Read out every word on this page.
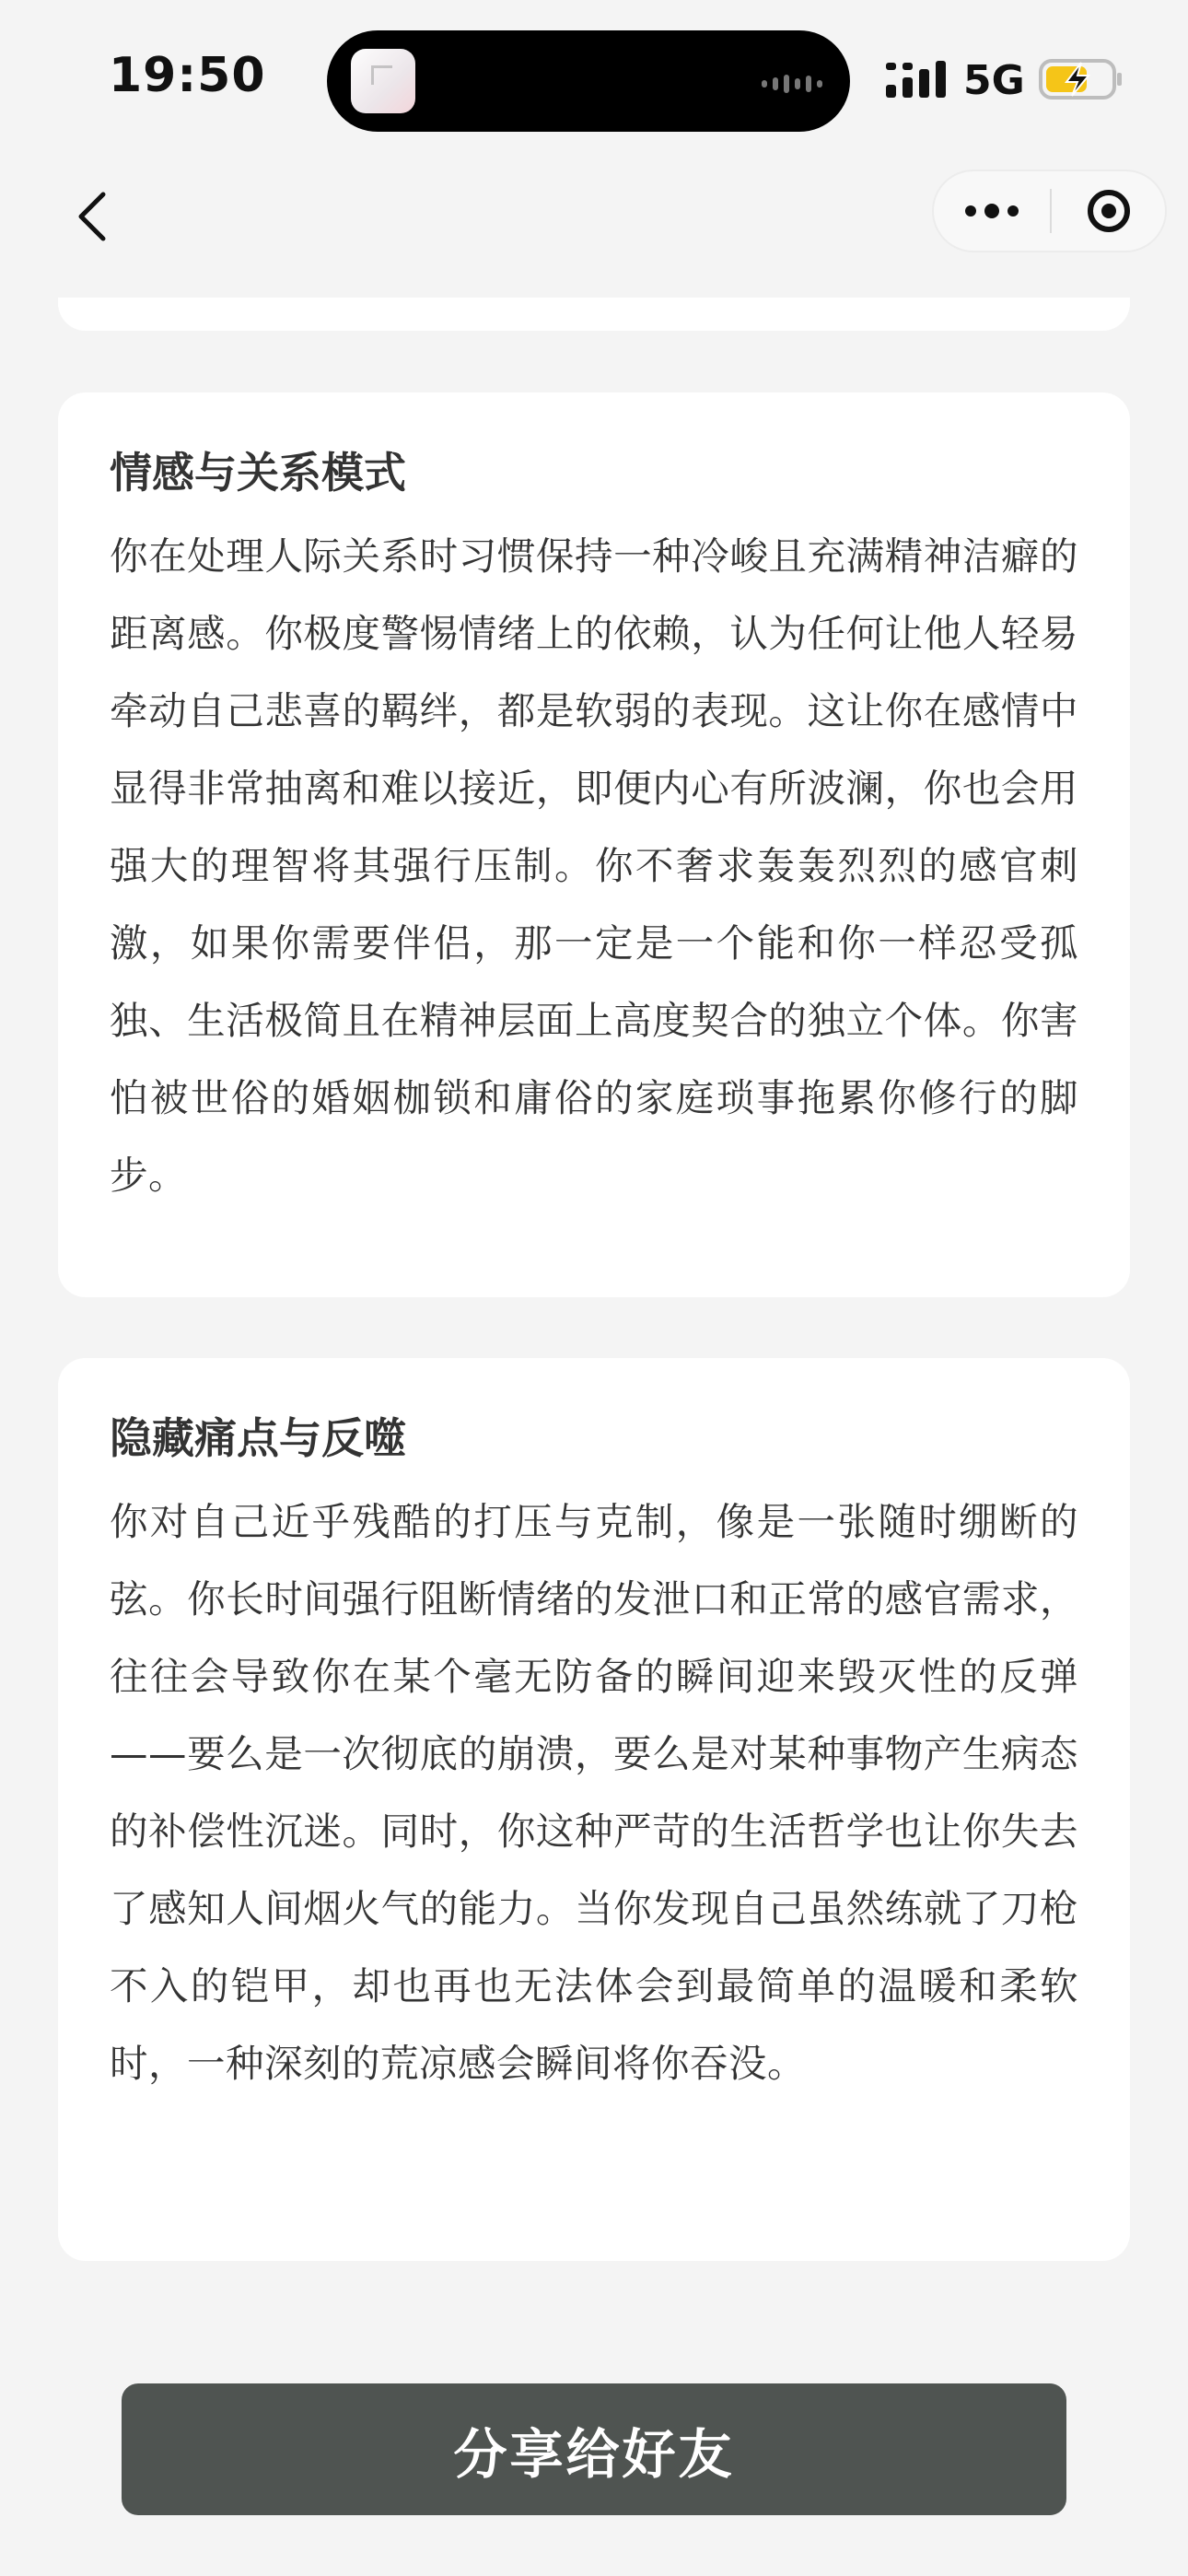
19:50	5G
情感与关系模式

你在处理人际关系时习惯保持一种冷峻且充满精神洁癖的距离感。你极度警惕情绪上的依赖，认为任何让他人轻易牵动自己悲喜的羁绊，都是软弱的表现。这让你在感情中显得非常抽离和难以接近，即便内心有所波澜，你也会用强大的理智将其强行压制。你不奢求轰轰烈烈的感官刺激，如果你需要伴侣，那一定是一个能和你一样忍受孤独、生活极简且在精神层面上高度契合的独立个体。你害怕被世俗的婚姻枷锁和庸俗的家庭琐事拖累你修行的脚步。

隐藏痛点与反噬

你对自己近乎残酷的打压与克制，像是一张随时绷断的弦。你长时间强行阻断情绪的发泄口和正常的感官需求，往往会导致你在某个毫无防备的瞬间迎来毁灭性的反弹——要么是一次彻底的崩溃，要么是对某种事物产生病态的补偿性沉迷。同时，你这种严苛的生活哲学也让你失去了感知人间烟火气的能力。当你发现自己虽然练就了刀枪不入的铠甲，却也再也无法体会到最简单的温暖和柔软时，一种深刻的荒凉感会瞬间将你吞没。

分享给好友
